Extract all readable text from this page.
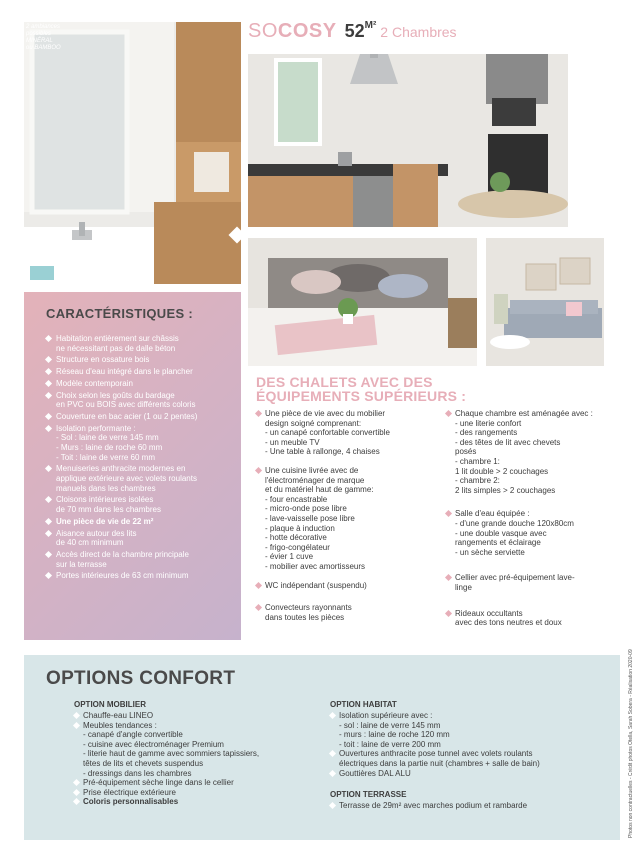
2 ambiances
possibles
MINÉRAL
ou BAMBOO
SO COSY 52 M² 2 Chambres
CARACTÉRISTIQUES :
Habitation entièrement sur châssis
ne nécessitant pas de dalle béton
Structure en ossature bois
Réseau d'eau intégré dans le plancher
Modèle contemporain
Choix selon les goûts du bardage
en PVC ou BOIS avec différents coloris
Couverture en bac acier (1 ou 2 pentes)
Isolation performante :
- Sol : laine de verre 145 mm
- Murs : laine de roche 60 mm
- Toit : laine de verre 60 mm
Menuiseries anthracite modernes en
applique extérieure avec volets roulants
manuels dans les chambres
Cloisons intérieures isolées
de 70 mm dans les chambres
Une pièce de vie de 22 m²
Aisance autour des lits
de 40 cm minimum
Accès direct de la chambre principale
sur la terrasse
Portes intérieures de 63 cm minimum
DES CHALETS AVEC DES ÉQUIPEMENTS SUPÉRIEURS :
Une pièce de vie avec du mobilier
design soigné comprenant:
- un canapé confortable convertible
- un meuble TV
- Une table à rallonge, 4 chaises
Une cuisine livrée avec de
l'électroménager de marque
et du matériel haut de gamme:
- four encastrable
- micro-onde pose libre
- lave-vaisselle pose libre
- plaque à induction
- hotte décorative
- frigo-congélateur
- évier 1 cuve
- mobilier avec amortisseurs
WC indépendant (suspendu)
Convecteurs rayonnants
dans toutes les pièces
Chaque chambre est aménagée avec :
- une literie confort
- des rangements
- des têtes de lit avec chevets
posés
- chambre 1:
1 lit double > 2 couchages
- chambre 2:
2 lits simples > 2 couchages
Salle d'eau équipée :
- d'une grande douche 120x80cm
- une double vasque avec
rangements et éclairage
- un sèche serviette
Cellier avec pré-équipement lave-
linge
Rideaux occultants
avec des tons neutres et doux
OPTIONS CONFORT
OPTION MOBILIER
Chauffe-eau LINEO
Meubles tendances :
- canapé d'angle convertible
- cuisine avec électroménager Premium
- literie haut de gamme avec sommiers tapissiers,
têtes de lits et chevets suspendus
- dressings dans les chambres
Pré-équipement sèche linge dans le cellier
Prise électrique extérieure
Coloris personnalisables
OPTION HABITAT
Isolation supérieure avec :
- sol : laine de verre 145 mm
- murs : laine de roche 120 mm
- toit : laine de verre 200 mm
Ouvertures anthracite pose tunnel avec volets roulants
électriques dans la partie nuit (chambres + salle de bain)
Gouttières DAL ALU
OPTION TERRASSE
Terrasse de 29m² avec marches podium et rambarde	Photos non contractuelles - Crédit photos Otella, Sarah Sobera - Réalisation 2020-09
